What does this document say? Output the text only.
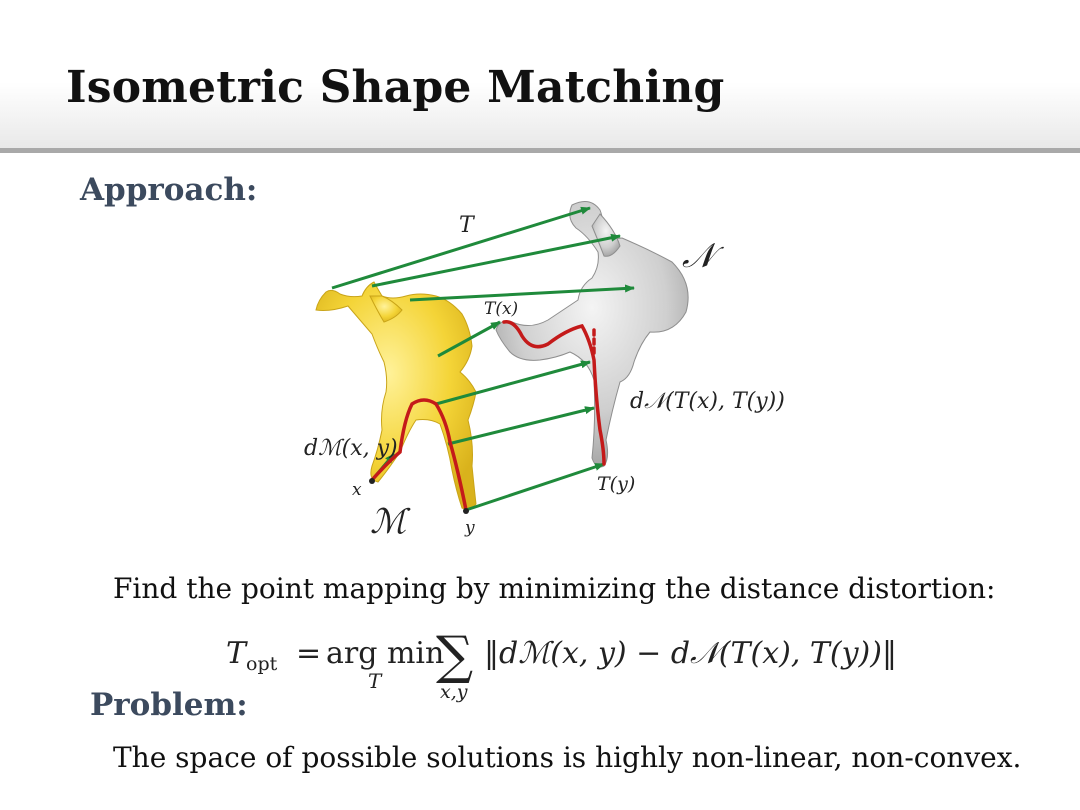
Isometric Shape Matching
Approach:
T
𝒩
ℳ
T(x)
T(y)
x
y
dℳ(x, y)
d𝒩(T(x), T(y))
Find the point mapping by minimizing the distance distortion:
$T_{opt}$ = arg min
T ∑
x,y
‖dℳ(x, y) − d𝒩(T(x), T(y))‖
Problem:
The space of possible solutions is highly non-linear, non-convex.
